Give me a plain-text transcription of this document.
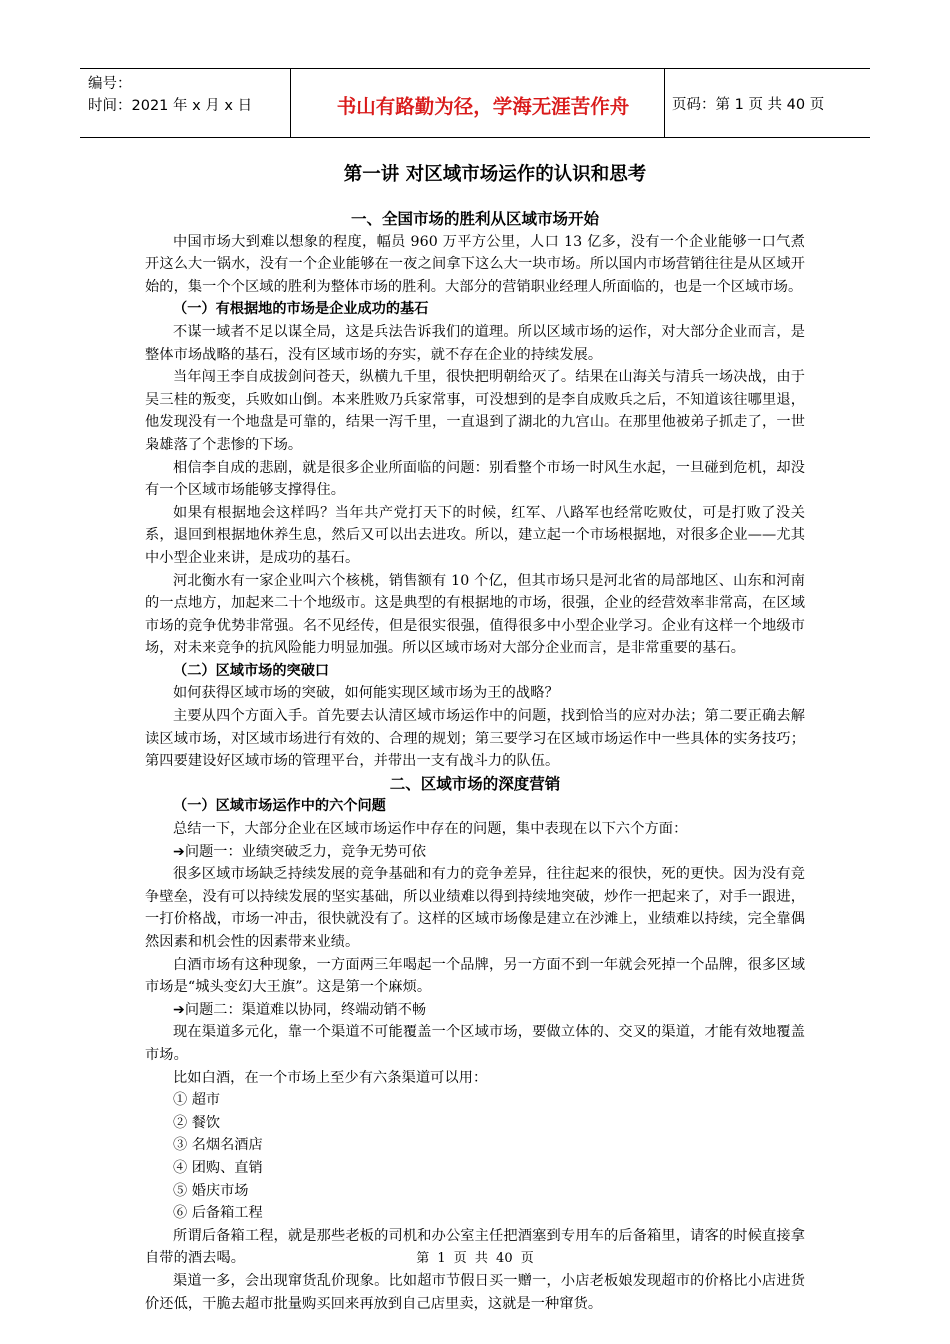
编号：
时间：2021 年 x 月 x 日	书山有路勤为径，学海无涯苦作舟	页码：第 1 页 共 40 页
第一讲 对区域市场运作的认识和思考

一、全国市场的胜利从区域市场开始

中国市场大到难以想象的程度，幅员 960 万平方公里，人口 13 亿多，没有一个企业能够一口气煮开这么大一锅水，没有一个企业能够在一夜之间拿下这么大一块市场。所以国内市场营销往往是从区域开始的，集一个个区域的胜利为整体市场的胜利。大部分的营销职业经理人所面临的，也是一个区域市场。

（一）有根据地的市场是企业成功的基石

不谋一域者不足以谋全局，这是兵法告诉我们的道理。所以区域市场的运作，对大部分企业而言，是整体市场战略的基石，没有区域市场的夯实，就不存在企业的持续发展。

当年闯王李自成拔剑问苍天，纵横九千里，很快把明朝给灭了。结果在山海关与清兵一场决战，由于吴三桂的叛变，兵败如山倒。本来胜败乃兵家常事，可没想到的是李自成败兵之后，不知道该往哪里退，他发现没有一个地盘是可靠的，结果一泻千里，一直退到了湖北的九宫山。在那里他被弟子抓走了，一世枭雄落了个悲惨的下场。

相信李自成的悲剧，就是很多企业所面临的问题：别看整个市场一时风生水起，一旦碰到危机，却没有一个区域市场能够支撑得住。

如果有根据地会这样吗？当年共产党打天下的时候，红军、八路军也经常吃败仗，可是打败了没关系，退回到根据地休养生息，然后又可以出去进攻。所以，建立起一个市场根据地，对很多企业——尤其中小型企业来讲，是成功的基石。

河北衡水有一家企业叫六个核桃，销售额有 10 个亿，但其市场只是河北省的局部地区、山东和河南的一点地方，加起来二十个地级市。这是典型的有根据地的市场，很强，企业的经营效率非常高，在区域市场的竞争优势非常强。名不见经传，但是很实很强，值得很多中小型企业学习。企业有这样一个地级市场，对未来竞争的抗风险能力明显加强。所以区域市场对大部分企业而言，是非常重要的基石。

（二）区域市场的突破口

如何获得区域市场的突破，如何能实现区域市场为王的战略？

主要从四个方面入手。首先要去认清区域市场运作中的问题，找到恰当的应对办法；第二要正确去解读区域市场，对区域市场进行有效的、合理的规划；第三要学习在区域市场运作中一些具体的实务技巧；第四要建设好区域市场的管理平台，并带出一支有战斗力的队伍。

二、区域市场的深度营销

（一）区域市场运作中的六个问题

总结一下，大部分企业在区域市场运作中存在的问题，集中表现在以下六个方面：

➔问题一：业绩突破乏力，竞争无势可依

很多区域市场缺乏持续发展的竞争基础和有力的竞争差异，往往起来的很快，死的更快。因为没有竞争壁垒，没有可以持续发展的坚实基础，所以业绩难以得到持续地突破，炒作一把起来了，对手一跟进，一打价格战，市场一冲击，很快就没有了。这样的区域市场像是建立在沙滩上，业绩难以持续，完全靠偶然因素和机会性的因素带来业绩。

白酒市场有这种现象，一方面两三年喝起一个品牌，另一方面不到一年就会死掉一个品牌，很多区域市场是“城头变幻大王旗”。这是第一个麻烦。

➔问题二：渠道难以协同，终端动销不畅

现在渠道多元化，靠一个渠道不可能覆盖一个区域市场，要做立体的、交叉的渠道，才能有效地覆盖市场。

比如白酒，在一个市场上至少有六条渠道可以用：

① 超市

② 餐饮

③ 名烟名酒店

④ 团购、直销

⑤ 婚庆市场

⑥ 后备箱工程

所谓后备箱工程，就是那些老板的司机和办公室主任把酒塞到专用车的后备箱里，请客的时候直接拿自带的酒去喝。

渠道一多，会出现窜货乱价现象。比如超市节假日买一赠一，小店老板娘发现超市的价格比小店进货价还低，干脆去超市批量购买回来再放到自己店里卖，这就是一种窜货。

第 1 页 共 40 页
